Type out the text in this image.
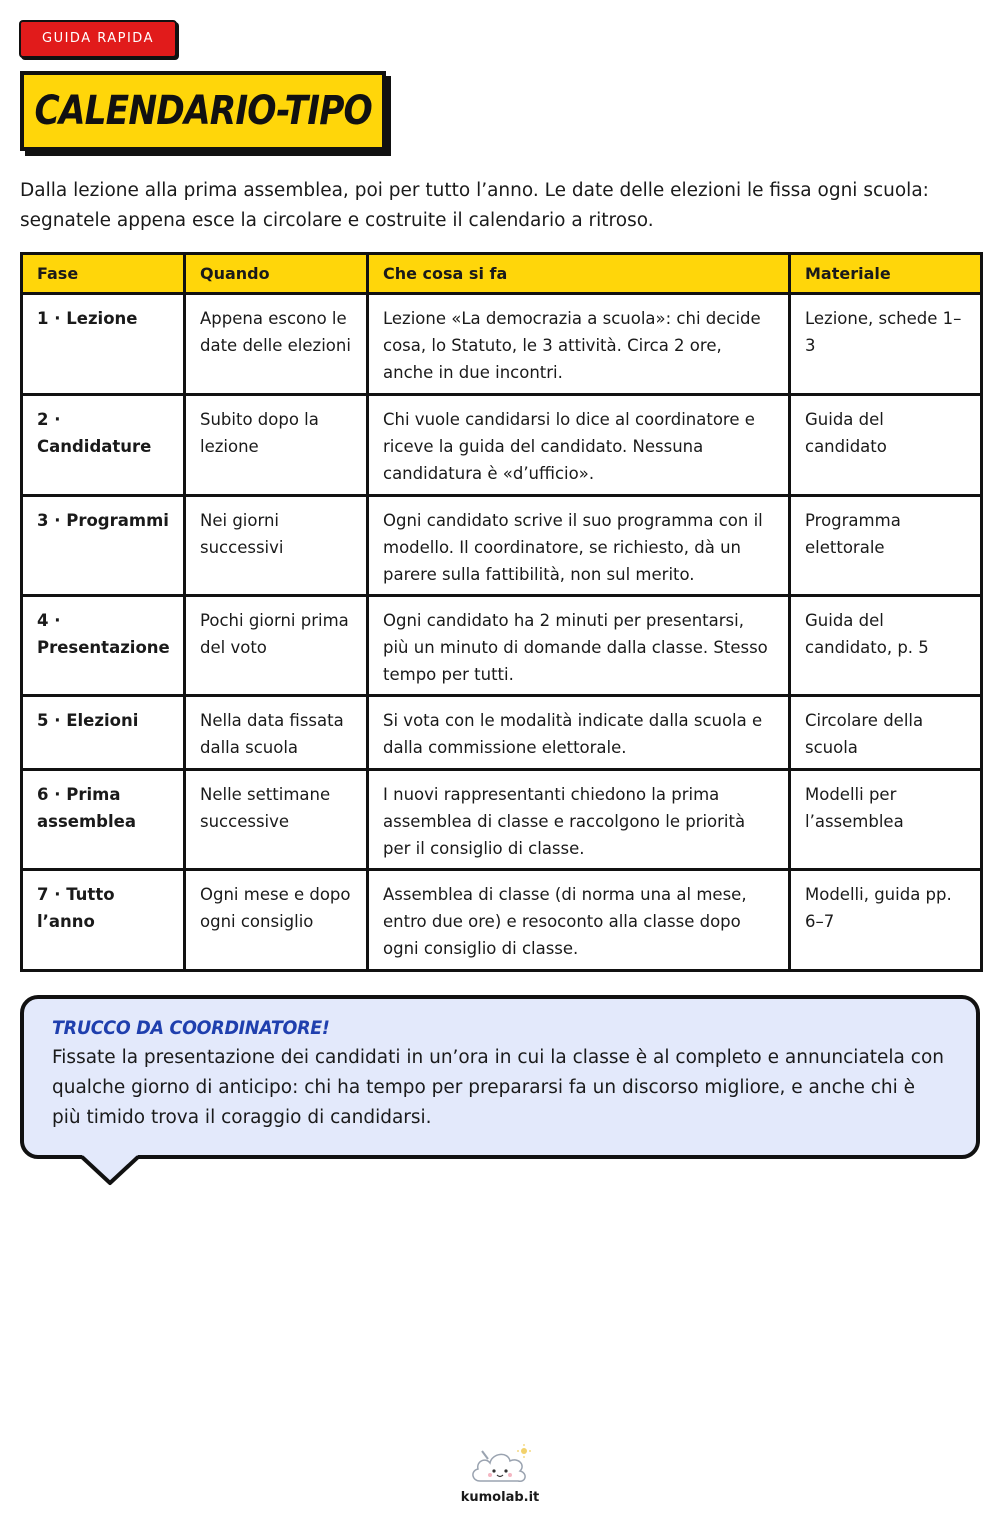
GUIDA RAPIDA
CALENDARIO-TIPO

Dalla lezione alla prima assemblea, poi per tutto l’anno. Le date delle elezioni le fissa ogni scuola: segnatele appena esce la circolare e costruite il calendario a ritroso.

Fase	Quando	Che cosa si fa	Materiale
1 · Lezione	Appena escono le date delle elezioni	Lezione «La democrazia a scuola»: chi decide cosa, lo Statuto, le 3 attività. Circa 2 ore, anche in due incontri.	Lezione, schede 1–3
2 · Candidature	Subito dopo la lezione	Chi vuole candidarsi lo dice al coordinatore e riceve la guida del candidato. Nessuna candidatura è «d’ufficio».	Guida del candidato
3 · Programmi	Nei giorni successivi	Ogni candidato scrive il suo programma con il modello. Il coordinatore, se richiesto, dà un parere sulla fattibilità, non sul merito.	Programma elettorale
4 · Presentazione	Pochi giorni prima del voto	Ogni candidato ha 2 minuti per presentarsi, più un minuto di domande dalla classe. Stesso tempo per tutti.	Guida del candidato, p. 5
5 · Elezioni	Nella data fissata dalla scuola	Si vota con le modalità indicate dalla scuola e dalla commissione elettorale.	Circolare della scuola
6 · Prima assemblea	Nelle settimane successive	I nuovi rappresentanti chiedono la prima assemblea di classe e raccolgono le priorità per il consiglio di classe.	Modelli per l’assemblea
7 · Tutto l’anno	Ogni mese e dopo ogni consiglio	Assemblea di classe (di norma una al mese, entro due ore) e resoconto alla classe dopo ogni consiglio di classe.	Modelli, guida pp. 6–7
TRUCCO DA COORDINATORE!

Fissate la presentazione dei candidati in un’ora in cui la classe è al completo e annunciatela con qualche giorno di anticipo: chi ha tempo per prepararsi fa un discorso migliore, e anche chi è più timido trova il coraggio di candidarsi.

kumolab.it
